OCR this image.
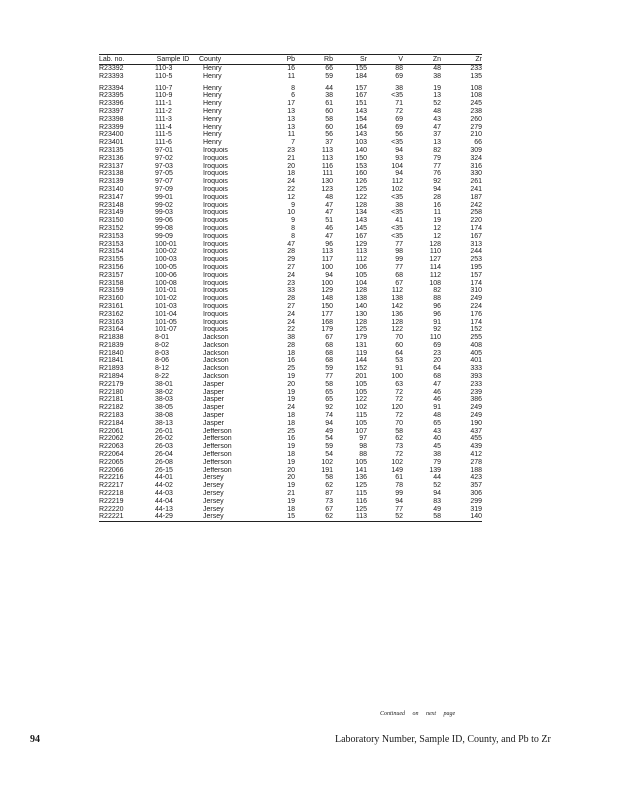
Lab. no.	Sample ID	County	Pb	Rb	Sr	V	Zn	Zr
R23392	110-3	Henry	16	66	155	88	48	233
R23393	110-5	Henry	11	59	184	69	38	135
R23394	110-7	Henry	8	44	157	38	19	108
R23395	110-9	Henry	6	38	167	<35	13	108
R23396	111-1	Henry	17	61	151	71	52	245
R23397	111-2	Henry	13	60	143	72	48	238
R23398	111-3	Henry	13	58	154	69	43	260
R23399	111-4	Henry	13	60	164	69	47	279
R23400	111-5	Henry	11	56	143	56	37	210
R23401	111-6	Henry	7	37	103	<35	13	66
R23135	97-01	Iroquois	23	113	140	94	82	309
R23136	97-02	Iroquois	21	113	150	93	79	324
R23137	97-03	Iroquois	20	116	153	104	77	316
R23138	97-05	Iroquois	18	111	160	94	76	330
R23139	97-07	Iroquois	24	130	126	112	92	261
R23140	97-09	Iroquois	22	123	125	102	94	241
R23147	99-01	Iroquois	12	48	122	<35	28	187
R23148	99-02	Iroquois	9	47	128	38	16	242
R23149	99-03	Iroquois	10	47	134	<35	11	258
R23150	99-06	Iroquois	9	51	143	41	19	220
R23152	99-08	Iroquois	8	46	145	<35	12	174
R23153	99-09	Iroquois	8	47	167	<35	12	167
R23153	100-01	Iroquois	47	96	129	77	128	313
R23154	100-02	Iroquois	28	113	113	98	110	244
R23155	100-03	Iroquois	29	117	112	99	127	253
R23156	100-05	Iroquois	27	100	106	77	114	195
R23157	100-06	Iroquois	24	94	105	68	112	157
R23158	100-08	Iroquois	23	100	104	67	108	174
R23159	101-01	Iroquois	33	129	128	112	82	310
R23160	101-02	Iroquois	28	148	138	138	88	249
R23161	101-03	Iroquois	27	150	140	142	96	224
R23162	101-04	Iroquois	24	177	130	136	96	176
R23163	101-05	Iroquois	24	168	128	128	91	174
R23164	101-07	Iroquois	22	179	125	122	92	152
R21838	8-01	Jackson	38	67	179	70	110	255
R21839	8-02	Jackson	28	68	131	60	69	408
R21840	8-03	Jackson	18	68	119	64	23	405
R21841	8-06	Jackson	16	68	144	53	20	401
R21893	8-12	Jackson	25	59	152	91	64	333
R21894	8-22	Jackson	19	77	201	100	68	393
R22179	38-01	Jasper	20	58	105	63	47	233
R22180	38-02	Jasper	19	65	105	72	46	239
R22181	38-03	Jasper	19	65	122	72	46	386
R22182	38-05	Jasper	24	92	102	120	91	249
R22183	38-08	Jasper	18	74	115	72	48	249
R22184	38-13	Jasper	18	94	105	70	65	190
R22061	26-01	Jefferson	25	49	107	58	43	437
R22062	26-02	Jefferson	16	54	97	62	40	455
R22063	26-03	Jefferson	19	59	98	73	45	439
R22064	26-04	Jefferson	18	54	88	72	38	412
R22065	26-08	Jefferson	19	102	105	102	79	278
R22066	26-15	Jefferson	20	191	141	149	139	188
R22216	44-01	Jersey	20	58	136	61	44	423
R22217	44-02	Jersey	19	62	125	78	52	357
R22218	44-03	Jersey	21	87	115	99	94	306
R22219	44-04	Jersey	19	73	116	94	83	299
R22220	44-13	Jersey	18	67	125	77	49	319
R22221	44-29	Jersey	15	62	113	52	58	140
Continued on next page
94	Laboratory Number, Sample ID, County, and Pb to Zr
